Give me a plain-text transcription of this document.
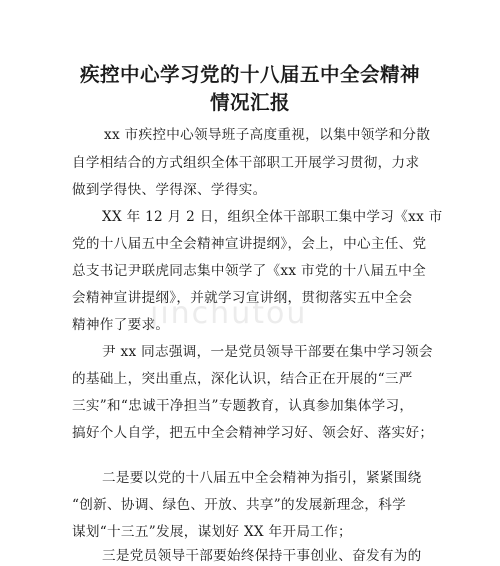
疾控中心学习党的十八届五中全会精神
情况汇报
jinchutou
xx 市疾控中心领导班子高度重视，以集中领学和分散
自学相结合的方式组织全体干部职工开展学习贯彻，力求
做到学得快、学得深、学得实。
XX 年 12 月 2 日，组织全体干部职工集中学习《xx 市
党的十八届五中全会精神宣讲提纲》，会上，中心主任、党
总支书记尹联虎同志集中领学了《xx 市党的十八届五中全
会精神宣讲提纲》，并就学习宣讲纲，贯彻落实五中全会
精神作了要求。
尹 xx 同志强调，一是党员领导干部要在集中学习领会
的基础上，突出重点，深化认识，结合正在开展的“三严
三实”和“忠诚干净担当”专题教育，认真参加集体学习，
搞好个人自学，把五中全会精神学习好、领会好、落实好；
二是要以党的十八届五中全会精神为指引，紧紧围绕
“创新、协调、绿色、开放、共享”的发展新理念，科学
谋划“十三五”发展，谋划好 XX 年开局工作；
三是党员领导干部要始终保持干事创业、奋发有为的
